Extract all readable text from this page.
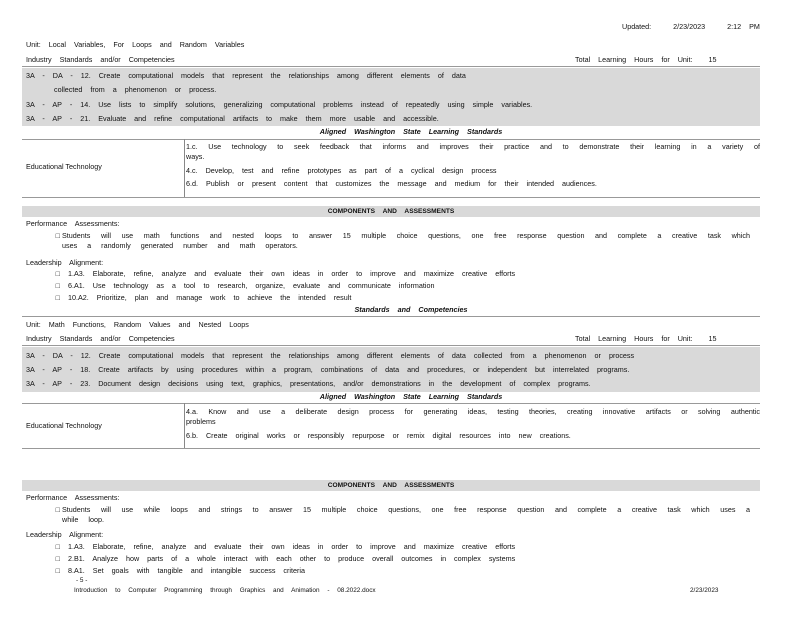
Updated:	2/23/2023	2:12 PM
Unit: Local Variables, For Loops and Random Variables
Industry Standards and/or Competencies	Total Learning Hours for Unit: 15
3A - DA - 12. Create computational models that represent the relationships among different elements of data
collected from a phenomenon or process.
3A - AP - 14. Use lists to simplify solutions, generalizing computational problems instead of repeatedly using simple variables.
3A - AP - 21. Evaluate and refine computational artifacts to make them more usable and accessible.
Aligned Washington State Learning Standards
Educational Technology
1.c. Use technology to seek feedback that informs and improves their practice and to demonstrate their learning in a variety of ways.
4.c. Develop, test and refine prototypes as part of a cyclical design process
6.d. Publish or present content that customizes the message and medium for their intended audiences.
COMPONENTS AND ASSESSMENTS
Performance Assessments:
□ Students will use math functions and nested loops to answer 15 multiple choice questions, one free response question and complete a creative task which uses a randomly generated number and math operators.
Leadership Alignment:
□ 1.A3. Elaborate, refine, analyze and evaluate their own ideas in order to improve and maximize creative efforts
□ 6.A1. Use technology as a tool to research, organize, evaluate and communicate information
□ 10.A2. Prioritize, plan and manage work to achieve the intended result
Standards and Competencies
Unit: Math Functions, Random Values and Nested Loops
Industry Standards and/or Competencies	Total Learning Hours for Unit: 15
3A - DA - 12. Create computational models that represent the relationships among different elements of data collected from a phenomenon or process
3A - AP - 18. Create artifacts by using procedures within a program, combinations of data and procedures, or independent but interrelated programs.
3A - AP - 23. Document design decisions using text, graphics, presentations, and/or demonstrations in the development of complex programs.
Aligned Washington State Learning Standards
Educational Technology
4.a. Know and use a deliberate design process for generating ideas, testing theories, creating innovative artifacts or solving authentic problems
6.b. Create original works or responsibly repurpose or remix digital resources into new creations.
COMPONENTS AND ASSESSMENTS
Performance Assessments:
□ Students will use while loops and strings to answer 15 multiple choice questions, one free response question and complete a creative task which uses a while loop.
Leadership Alignment:
□ 1.A3. Elaborate, refine, analyze and evaluate their own ideas in order to improve and maximize creative efforts
□ 2.B1. Analyze how parts of a whole interact with each other to produce overall outcomes in complex systems
□ 8.A1. Set goals with tangible and intangible success criteria
- 5 -
Introduction to Computer Programming through Graphics and Animation - 08.2022.docx	2/23/2023
